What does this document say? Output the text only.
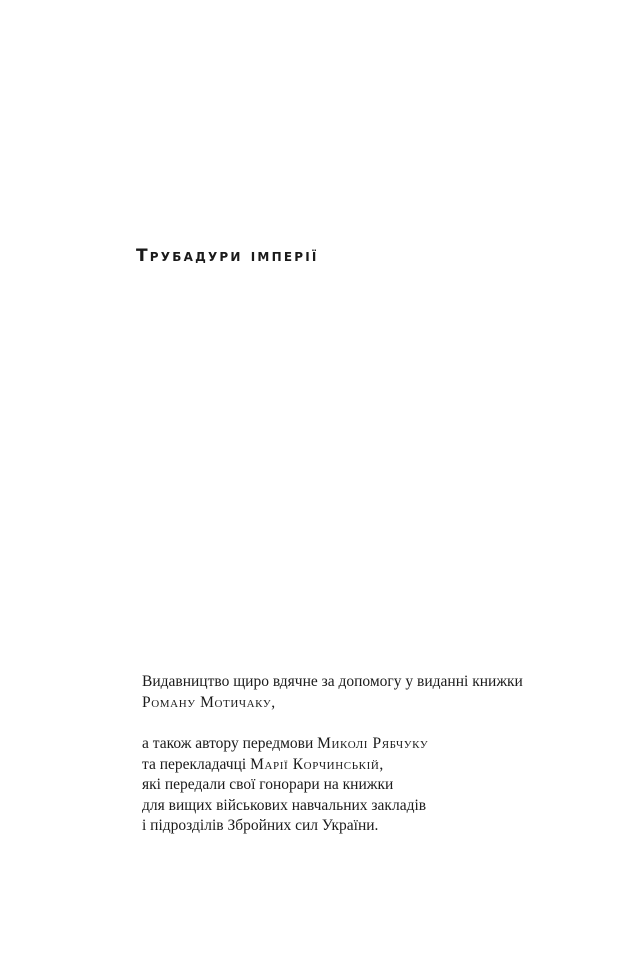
Трубадури імперії

Видавництво щиро вдячне за допомогу у виданні книжки

Роману Мотичаку,

а також автору передмови Миколі Рябчуку

та перекладачці Марії Корчинській,

які передали свої гонорари на книжки

для вищих військових навчальних закладів

і підрозділів Збройних сил України.
